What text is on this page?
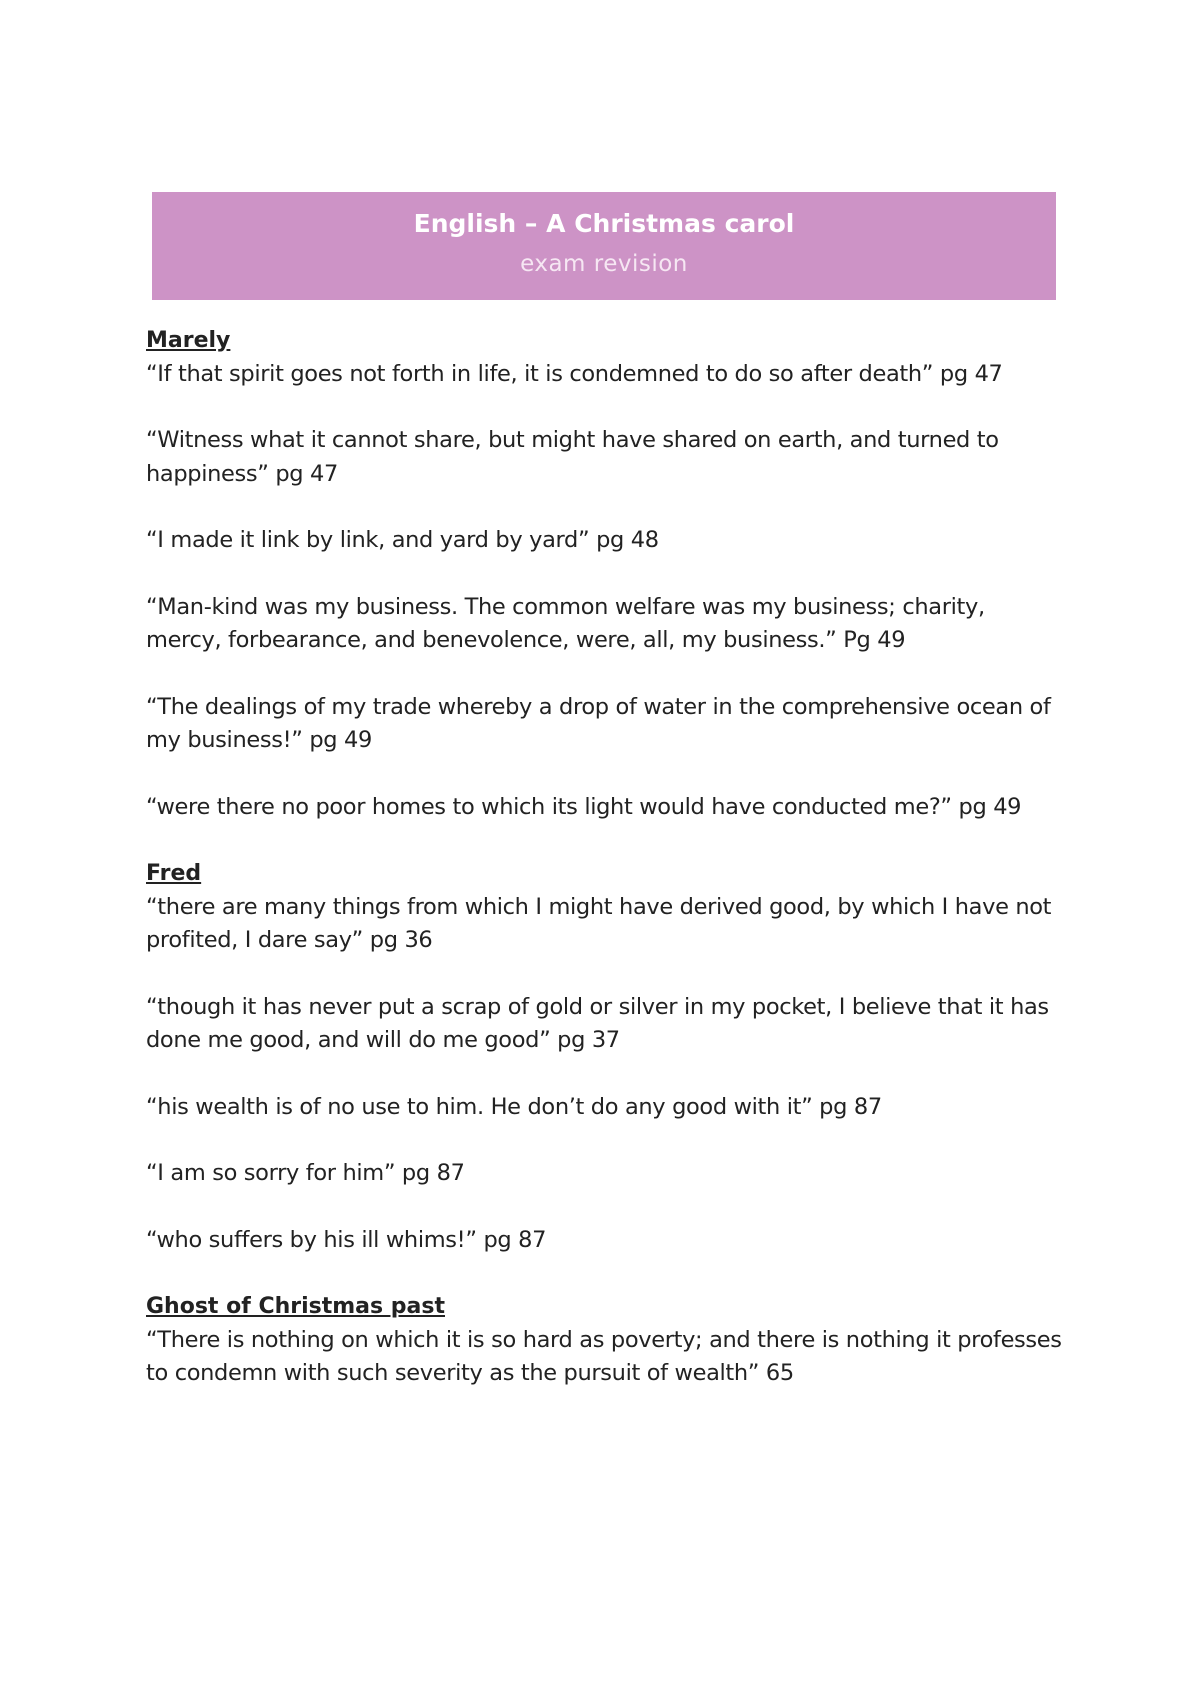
English – A Christmas carol
exam revision

Marely

“If that spirit goes not forth in life, it is condemned to do so after death” pg 47

“Witness what it cannot share, but might have shared on earth, and turned to happiness” pg 47

“I made it link by link, and yard by yard” pg 48

“Man-kind was my business. The common welfare was my business; charity, mercy, forbearance, and benevolence, were, all, my business.” Pg 49

“The dealings of my trade whereby a drop of water in the comprehensive ocean of my business!” pg 49

“were there no poor homes to which its light would have conducted me?” pg 49

Fred

“there are many things from which I might have derived good, by which I have not profited, I dare say” pg 36

“though it has never put a scrap of gold or silver in my pocket, I believe that it has done me good, and will do me good” pg 37

“his wealth is of no use to him. He don’t do any good with it” pg 87

“I am so sorry for him” pg 87

“who suffers by his ill whims!” pg 87

Ghost of Christmas past

“There is nothing on which it is so hard as poverty; and there is nothing it professes to condemn with such severity as the pursuit of wealth” 65
